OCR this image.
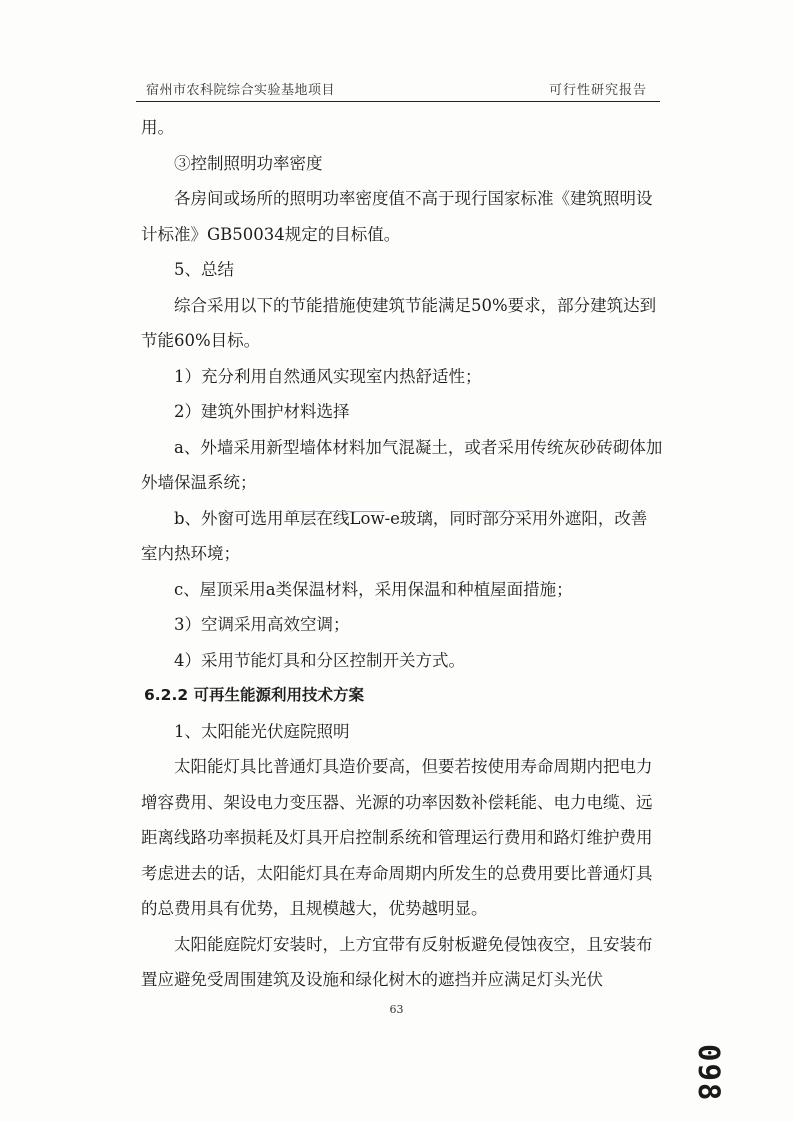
宿州市农科院综合实验基地项目	可行性研究报告

用。

③控制照明功率密度

各房间或场所的照明功率密度值不高于现行国家标准《建筑照明设计标准》GB50034规定的目标值。

5、总结

综合采用以下的节能措施使建筑节能满足50%要求，部分建筑达到节能60%目标。

1）充分利用自然通风实现室内热舒适性；

2）建筑外围护材料选择

a、外墙采用新型墙体材料加气混凝土，或者采用传统灰砂砖砌体加外墙保温系统；

b、外窗可选用单层在线Low-e玻璃，同时部分采用外遮阳，改善室内热环境；

c、屋顶采用a类保温材料，采用保温和种植屋面措施；

3）空调采用高效空调；

4）采用节能灯具和分区控制开关方式。

6.2.2 可再生能源利用技术方案

1、太阳能光伏庭院照明

太阳能灯具比普通灯具造价要高，但要若按使用寿命周期内把电力增容费用、架设电力变压器、光源的功率因数补偿耗能、电力电缆、远距离线路功率损耗及灯具开启控制系统和管理运行费用和路灯维护费用考虑进去的话，太阳能灯具在寿命周期内所发生的总费用要比普通灯具的总费用具有优势，且规模越大，优势越明显。

太阳能庭院灯安装时，上方宜带有反射板避免侵蚀夜空，且安装布置应避免受周围建筑及设施和绿化树木的遮挡并应满足灯头光伏

63
098
